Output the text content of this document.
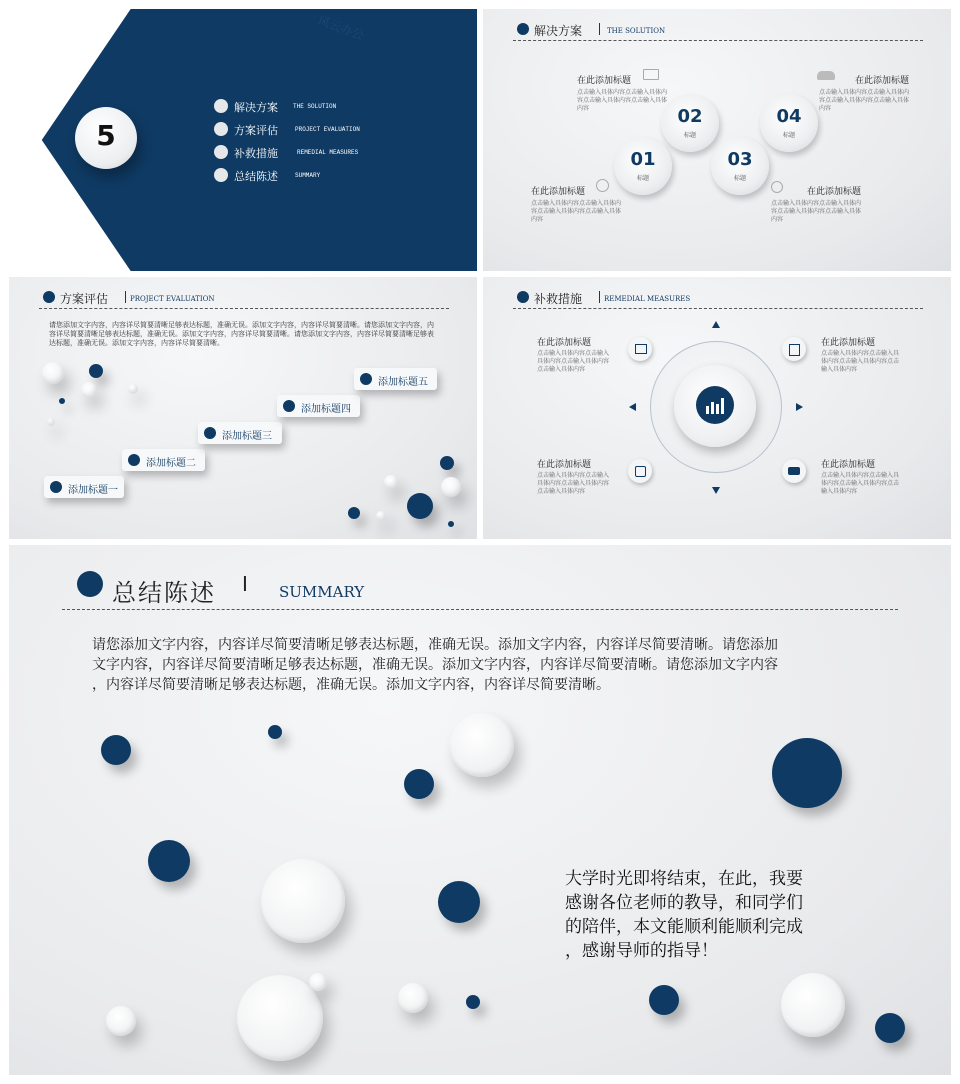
风云办公
5
解决方案	THE SOLUTION
方案评估	PROJECT EVALUATION
补救措施	REMEDIAL MEASURES
总结陈述	SUMMARY
解决方案	THE SOLUTION
01
标题
02
标题
03
标题
04
标题
在此添加标题
点击输入具体内容点击输入具体内容点击输入具体内容点击输入具体内容
在此添加标题
点击输入具体内容点击输入具体内容点击输入具体内容点击输入具体内容
在此添加标题
点击输入具体内容点击输入具体内容点击输入具体内容点击输入具体内容
在此添加标题
点击输入具体内容点击输入具体内容点击输入具体内容点击输入具体内容
方案评估	PROJECT EVALUATION
请您添加文字内容，内容详尽简要清晰足够表达标题，准确无误。添加文字内容，内容详尽简要清晰。请您添加文字内容，内容详尽简要清晰足够表达标题，准确无误。添加文字内容，内容详尽简要清晰。请您添加文字内容，内容详尽简要清晰足够表达标题，准确无误。添加文字内容，内容详尽简要清晰。
添加标题一
添加标题二
添加标题三
添加标题四
添加标题五
补救措施	REMEDIAL MEASURES
在此添加标题
点击输入具体内容点击输入具体内容点击输入具体内容点击输入具体内容
在此添加标题
点击输入具体内容点击输入具体内容点击输入具体内容点击输入具体内容
在此添加标题
点击输入具体内容点击输入具体内容点击输入具体内容点击输入具体内容
在此添加标题
点击输入具体内容点击输入具体内容点击输入具体内容点击输入具体内容
总结陈述 I SUMMARY
请您添加文字内容，内容详尽简要清晰足够表达标题，准确无误。添加文字内容，内容详尽简要清晰。请您添加
文字内容，内容详尽简要清晰足够表达标题，准确无误。添加文字内容，内容详尽简要清晰。请您添加文字内容
，内容详尽简要清晰足够表达标题，准确无误。添加文字内容，内容详尽简要清晰。
大学时光即将结束，在此，我要
感谢各位老师的教导，和同学们
的陪伴，本文能顺利能顺利完成
，感谢导师的指导！
